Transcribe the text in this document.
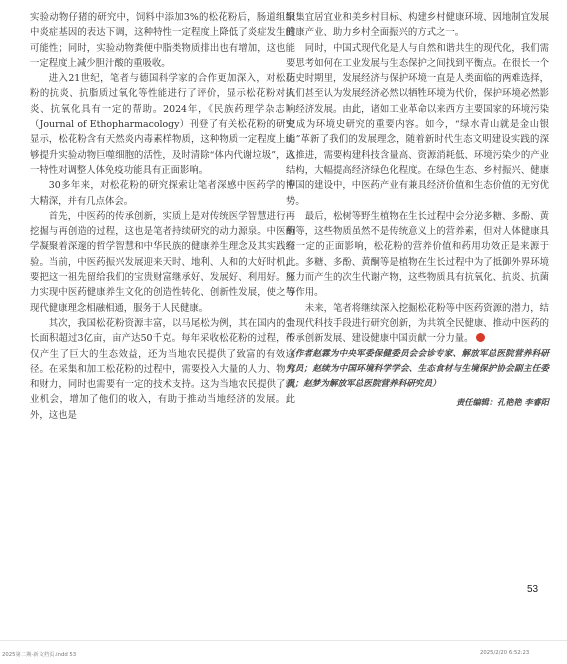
实验动物仔猪的研究中，饲料中添加3%的松花粉后，肠道组织中炎症基因的表达下调，这种特性一定程度上降低了炎症发生的可能性；同时，实验动物粪便中脂类物质排出也有增加，这也能一定程度上减少胆汁酸的重吸收。

进入21世纪，笔者与德国科学家的合作更加深入，对松花粉的抗炎、抗脂质过氧化等性能进行了评价，显示松花粉对抗炎、抗氧化具有一定的帮助。2024年，《民族药理学杂志》（Journal of Ethopharmacology）刊登了有关松花粉的研究显示，松花粉含有天然炎内毒素样物质，这种物质一定程度上能够提升实验动物巨噬细胞的活性，及时清除“体内代谢垃圾”，这一特性对调整人体免疫功能具有正面影响。

30多年来，对松花粉的研究探索让笔者深感中医药学的博大精深，并有几点体会。

首先，中医药的传承创新，实质上是对传统医学智慧进行再挖掘与再创造的过程，这也是笔者持续研究的动力源泉。中医药学凝聚着深邃的哲学智慧和中华民族的健康养生理念及其实践经验。当前，中医药振兴发展迎来天时、地利、人和的大好时机，要把这一祖先留给我们的宝贵财富继承好、发展好、利用好。努力实现中医药健康养生文化的创造性转化、创新性发展，使之与现代健康理念相融相通，服务于人民健康。

其次，我国松花粉资源丰富，以马尾松为例，其在国内的生长面积超过3亿亩，亩产达50千克。每年采收松花粉的过程，不仅产生了巨大的生态效益，还为当地农民提供了致富的有效途径。在采集和加工松花粉的过程中，需要投入大量的人力、物力和财力，同时也需要有一定的技术支持。这为当地农民提供了就业机会，增加了他们的收入，有助于推动当地经济的发展。此外，这也是

聚集宜居宜业和美乡村目标、构建乡村健康环境、因地制宜发展健康产业、助力乡村全面振兴的方式之一。

同时，中国式现代化是人与自然和谐共生的现代化，我们需要思考如何在工业发展与生态保护之间找到平衡点。在很长一个历史时期里，发展经济与保护环境一直是人类面临的两难选择，人们甚至认为发展经济必然以牺牲环境为代价，保护环境必然影响经济发展。由此，诸如工业革命以来西方主要国家的环境污染史成为环境史研究的重要内容。如今，“绿水青山就是金山银山”革新了我们的发展理念，随着新时代生态文明建设实践的深入推进，需要构建科技含量高、资源消耗低、环境污染少的产业结构，大幅提高经济绿色化程度。在绿色生态、乡村振兴、健康中国的建设中，中医药产业有兼具经济价值和生态价值的无穷优势。

最后，松树等野生植物在生长过程中会分泌多糖、多酚、黄酮等，这些物质虽然不是传统意义上的营养素，但对人体健康具有一定的正面影响，松花粉的营养价值和药用功效正是来源于此。多糖、多酚、黄酮等是植物在生长过程中为了抵御外界环境压力而产生的次生代谢产物，这些物质具有抗氧化、抗炎、抗菌等作用。

未来，笔者将继续深入挖掘松花粉等中医药资源的潜力，结合现代科技手段进行研究创新，为共筑全民健康、推动中医药的传承创新发展、建设健康中国贡献一分力量。

（作者赵霖为中央军委保健委员会会诊专家、解放军总医院营养科研究员；赵续为中国环境科学学会、生态食材与生境保护协会副主任委员；赵梦为解放军总医院营养科研究员）

责任编辑：孔艳艳 李睿阳
53
2025第二期-新文档页.indd 53	2025/2/20 6:52:23
